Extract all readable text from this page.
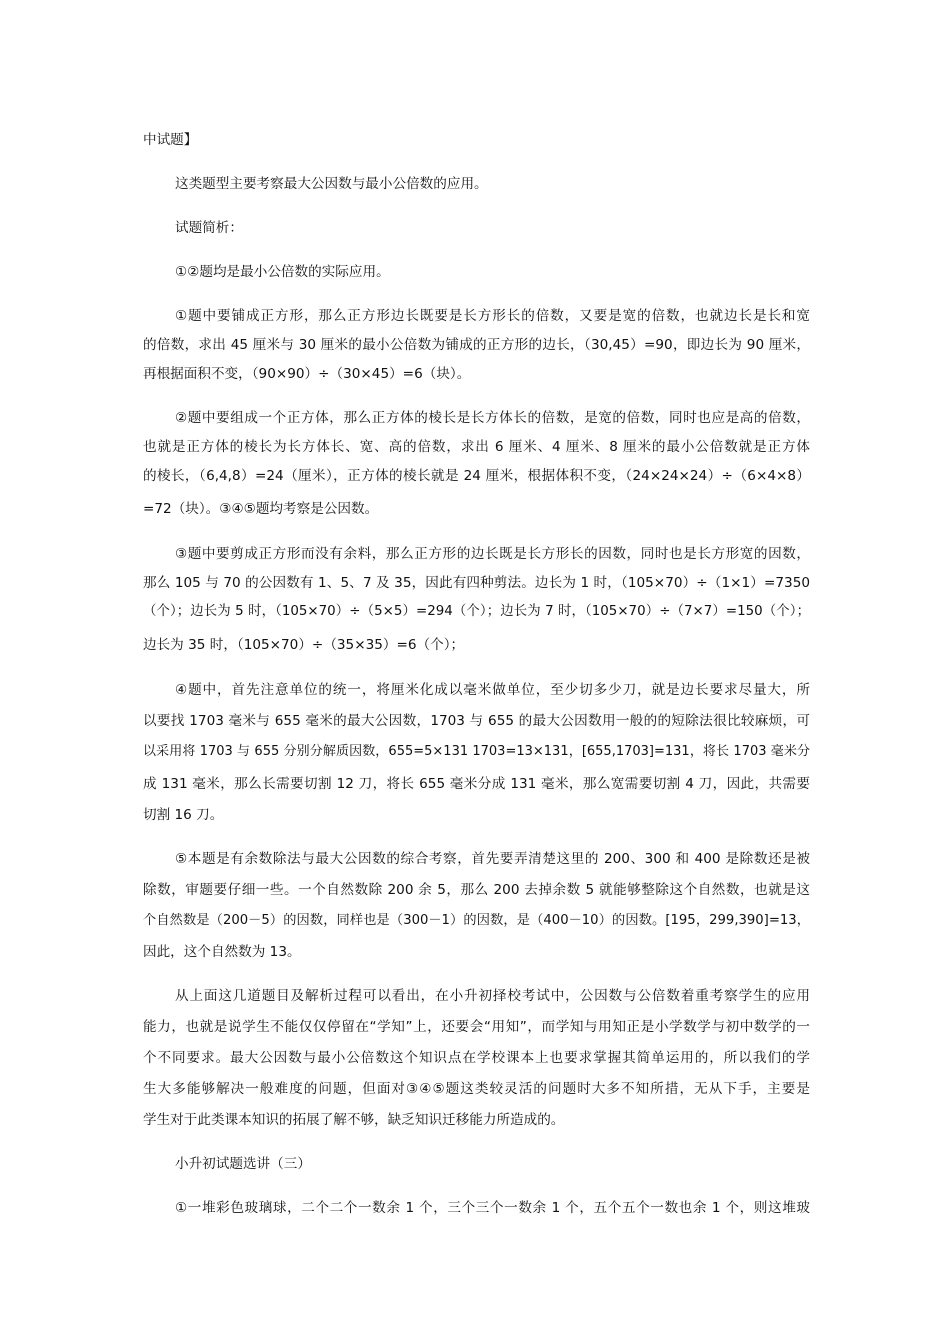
中试题】
这类题型主要考察最大公因数与最小公倍数的应用。
试题简析：
①②题均是最小公倍数的实际应用。
①题中要铺成正方形，那么正方形边长既要是长方形长的倍数，又要是宽的倍数，也就边长是长和宽
的倍数，求出 45 厘米与 30 厘米的最小公倍数为铺成的正方形的边长，（30,45）=90，即边长为 90 厘米，
再根据面积不变，（90×90）÷（30×45）=6（块）。
②题中要组成一个正方体，那么正方体的棱长是长方体长的倍数，是宽的倍数，同时也应是高的倍数，
也就是正方体的棱长为长方体长、宽、高的倍数，求出 6 厘米、4 厘米、8 厘米的最小公倍数就是正方体
的棱长，（6,4,8）=24（厘米），正方体的棱长就是 24 厘米，根据体积不变，（24×24×24）÷（6×4×8）
=72（块）。③④⑤题均考察是公因数。
③题中要剪成正方形而没有余料，那么正方形的边长既是长方形长的因数，同时也是长方形宽的因数，
那么 105 与 70 的公因数有 1、5、7 及 35，因此有四种剪法。边长为 1 时，（105×70）÷（1×1）=7350
（个）；边长为 5 时，（105×70）÷（5×5）=294（个）；边长为 7 时，（105×70）÷（7×7）=150（个）；
边长为 35 时，（105×70）÷（35×35）=6（个）；
④题中，首先注意单位的统一，将厘米化成以毫米做单位，至少切多少刀，就是边长要求尽量大，所
以要找 1703 毫米与 655 毫米的最大公因数，1703 与 655 的最大公因数用一般的的短除法很比较麻烦，可
以采用将 1703 与 655 分别分解质因数，655=5×131 1703=13×131，[655,1703]=131，将长 1703 毫米分
成 131 毫米，那么长需要切割 12 刀，将长 655 毫米分成 131 毫米，那么宽需要切割 4 刀，因此，共需要
切割 16 刀。
⑤本题是有余数除法与最大公因数的综合考察，首先要弄清楚这里的 200、300 和 400 是除数还是被
除数，审题要仔细一些。一个自然数除 200 余 5，那么 200 去掉余数 5 就能够整除这个自然数，也就是这
个自然数是（200－5）的因数，同样也是（300－1）的因数，是（400－10）的因数。[195，299,390]=13，
因此，这个自然数为 13。
从上面这几道题目及解析过程可以看出，在小升初择校考试中，公因数与公倍数着重考察学生的应用
能力，也就是说学生不能仅仅停留在“学知”上，还要会“用知”，而学知与用知正是小学数学与初中数学的一
个不同要求。最大公因数与最小公倍数这个知识点在学校课本上也要求掌握其简单运用的，所以我们的学
生大多能够解决一般难度的问题，但面对③④⑤题这类较灵活的问题时大多不知所措，无从下手，主要是
学生对于此类课本知识的拓展了解不够，缺乏知识迁移能力所造成的。
小升初试题选讲（三）
①一堆彩色玻璃球，二个二个一数余 1 个，三个三个一数余 1 个，五个五个一数也余 1 个，则这堆玻
